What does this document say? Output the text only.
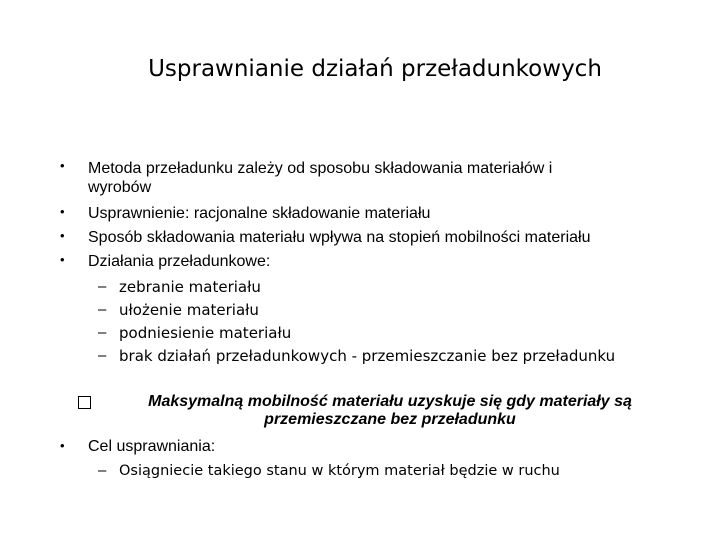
Usprawnianie działań przeładunkowych
• Metoda przeładunku zależy od sposobu składowania materiałów i
wyrobów
• Usprawnienie: racjonalne składowanie materiału
• Sposób składowania materiału wpływa na stopień mobilności materiału
• Działania przeładunkowe:
– zebranie materiału
– ułożenie materiału
– podniesienie materiału
– brak działań przeładunkowych - przemieszczanie bez przeładunku
Maksymalną mobilność materiału uzyskuje się gdy materiały są
przemieszczane bez przeładunku
• Cel usprawniania:
– Osiągniecie takiego stanu w którym materiał będzie w ruchu
